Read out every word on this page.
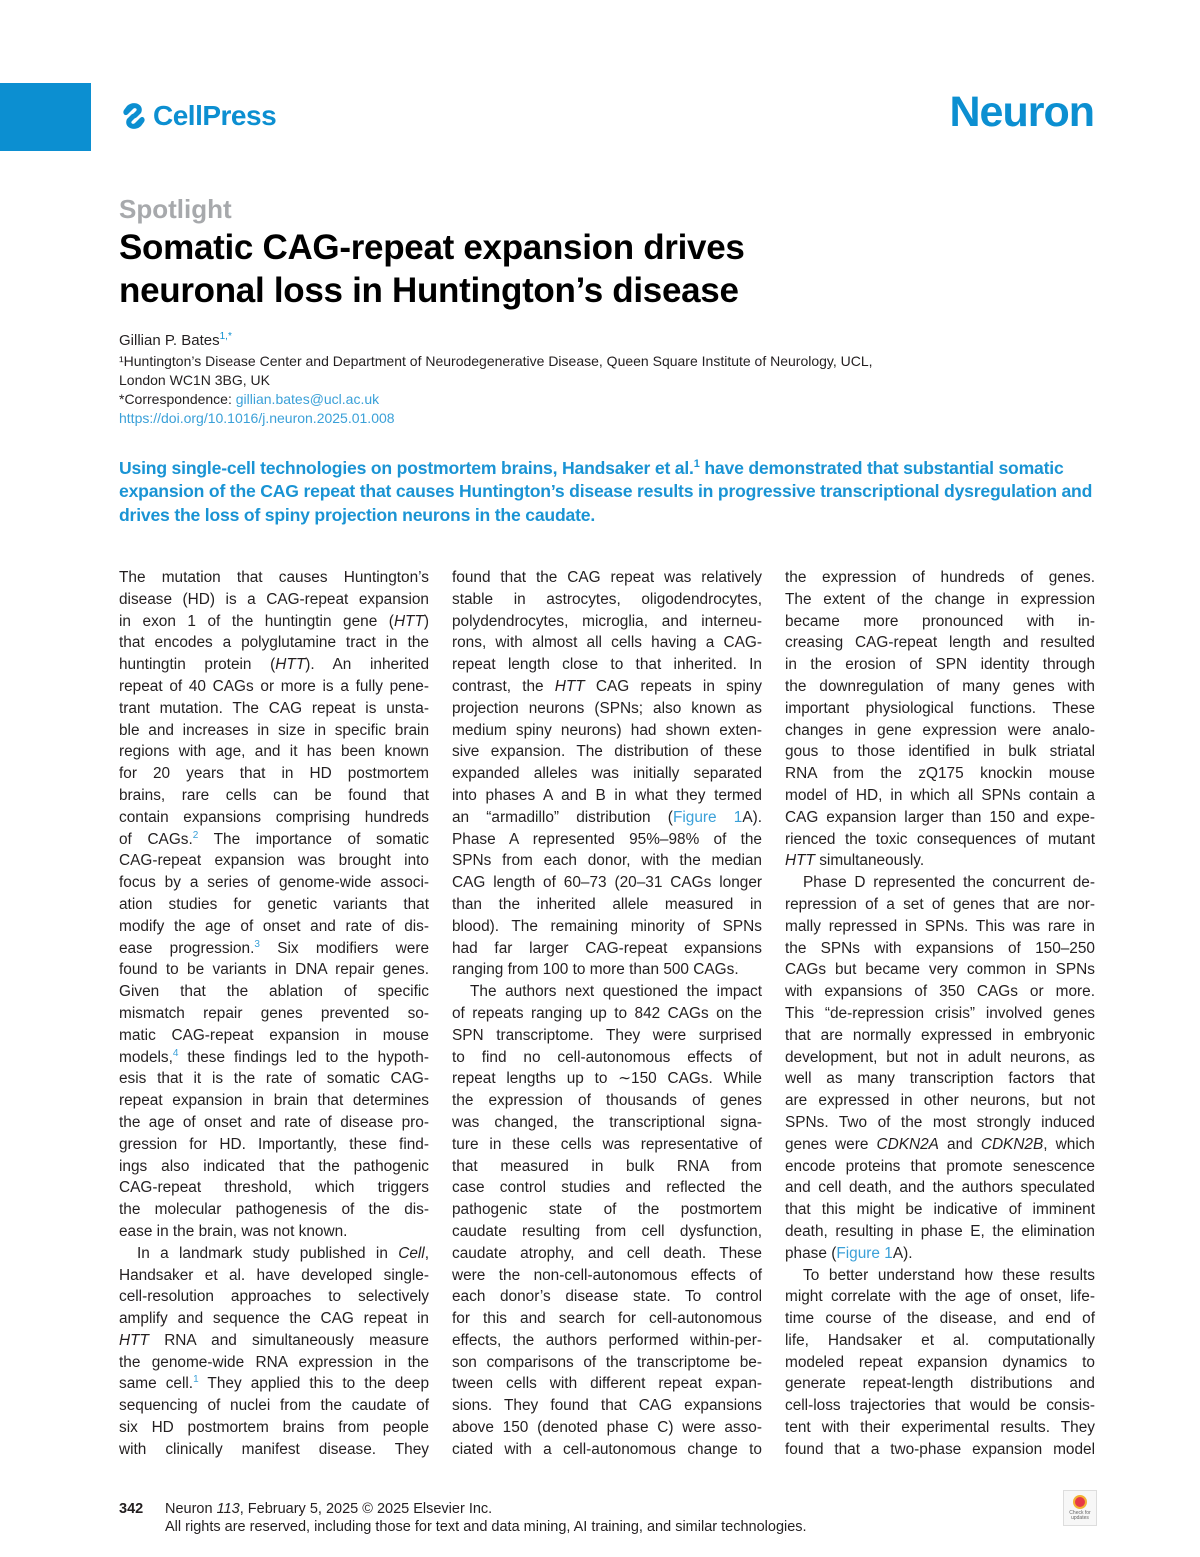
CellPress	Neuron
Spotlight
Somatic CAG-repeat expansion drives
neuronal loss in Huntington’s disease
Gillian P. Bates$^{1,*}$
¹Huntington’s Disease Center and Department of Neurodegenerative Disease, Queen Square Institute of Neurology, UCL,
London WC1N 3BG, UK
*Correspondence: gillian.bates@ucl.ac.uk
https://doi.org/10.1016/j.neuron.2025.01.008
Using single-cell technologies on postmortem brains, Handsaker et al.$^1$ have demonstrated that substantial somatic expansion of the CAG repeat that causes Huntington’s disease results in progressive transcriptional dysregulation and drives the loss of spiny projection neurons in the caudate.
The mutation that causes Huntington’s
disease (HD) is a CAG-repeat expansion
in exon 1 of the huntingtin gene (HTT)
that encodes a polyglutamine tract in the
huntingtin protein (HTT). An inherited
repeat of 40 CAGs or more is a fully pene-
trant mutation. The CAG repeat is unsta-
ble and increases in size in specific brain
regions with age, and it has been known
for 20 years that in HD postmortem
brains, rare cells can be found that
contain expansions comprising hundreds
of CAGs.$^2$ The importance of somatic
CAG-repeat expansion was brought into
focus by a series of genome-wide associ-
ation studies for genetic variants that
modify the age of onset and rate of dis-
ease progression.$^3$ Six modifiers were
found to be variants in DNA repair genes.
Given that the ablation of specific
mismatch repair genes prevented so-
matic CAG-repeat expansion in mouse
models,$^4$ these findings led to the hypoth-
esis that it is the rate of somatic CAG-
repeat expansion in brain that determines
the age of onset and rate of disease pro-
gression for HD. Importantly, these find-
ings also indicated that the pathogenic
CAG-repeat threshold, which triggers
the molecular pathogenesis of the dis-
ease in the brain, was not known.
In a landmark study published in Cell,
Handsaker et al. have developed single-
cell-resolution approaches to selectively
amplify and sequence the CAG repeat in
HTT RNA and simultaneously measure
the genome-wide RNA expression in the
same cell.$^1$ They applied this to the deep
sequencing of nuclei from the caudate of
six HD postmortem brains from people
with clinically manifest disease. They
found that the CAG repeat was relatively
stable in astrocytes, oligodendrocytes,
polydendrocytes, microglia, and interneu-
rons, with almost all cells having a CAG-
repeat length close to that inherited. In
contrast, the HTT CAG repeats in spiny
projection neurons (SPNs; also known as
medium spiny neurons) had shown exten-
sive expansion. The distribution of these
expanded alleles was initially separated
into phases A and B in what they termed
an “armadillo” distribution (Figure 1A).
Phase A represented 95%–98% of the
SPNs from each donor, with the median
CAG length of 60–73 (20–31 CAGs longer
than the inherited allele measured in
blood). The remaining minority of SPNs
had far larger CAG-repeat expansions
ranging from 100 to more than 500 CAGs.
The authors next questioned the impact
of repeats ranging up to 842 CAGs on the
SPN transcriptome. They were surprised
to find no cell-autonomous effects of
repeat lengths up to ∼150 CAGs. While
the expression of thousands of genes
was changed, the transcriptional signa-
ture in these cells was representative of
that measured in bulk RNA from
case control studies and reflected the
pathogenic state of the postmortem
caudate resulting from cell dysfunction,
caudate atrophy, and cell death. These
were the non-cell-autonomous effects of
each donor’s disease state. To control
for this and search for cell-autonomous
effects, the authors performed within-per-
son comparisons of the transcriptome be-
tween cells with different repeat expan-
sions. They found that CAG expansions
above 150 (denoted phase C) were asso-
ciated with a cell-autonomous change to
the expression of hundreds of genes.
The extent of the change in expression
became more pronounced with in-
creasing CAG-repeat length and resulted
in the erosion of SPN identity through
the downregulation of many genes with
important physiological functions. These
changes in gene expression were analo-
gous to those identified in bulk striatal
RNA from the zQ175 knockin mouse
model of HD, in which all SPNs contain a
CAG expansion larger than 150 and expe-
rienced the toxic consequences of mutant
HTT simultaneously.
Phase D represented the concurrent de-
repression of a set of genes that are nor-
mally repressed in SPNs. This was rare in
the SPNs with expansions of 150–250
CAGs but became very common in SPNs
with expansions of 350 CAGs or more.
This “de-repression crisis” involved genes
that are normally expressed in embryonic
development, but not in adult neurons, as
well as many transcription factors that
are expressed in other neurons, but not
SPNs. Two of the most strongly induced
genes were CDKN2A and CDKN2B, which
encode proteins that promote senescence
and cell death, and the authors speculated
that this might be indicative of imminent
death, resulting in phase E, the elimination
phase (Figure 1A).
To better understand how these results
might correlate with the age of onset, life-
time course of the disease, and end of
life, Handsaker et al. computationally
modeled repeat expansion dynamics to
generate repeat-length distributions and
cell-loss trajectories that would be consis-
tent with their experimental results. They
found that a two-phase expansion model
342 Neuron 113, February 5, 2025 © 2025 Elsevier Inc.
All rights are reserved, including those for text and data mining, AI training, and similar technologies.
Check for updates
